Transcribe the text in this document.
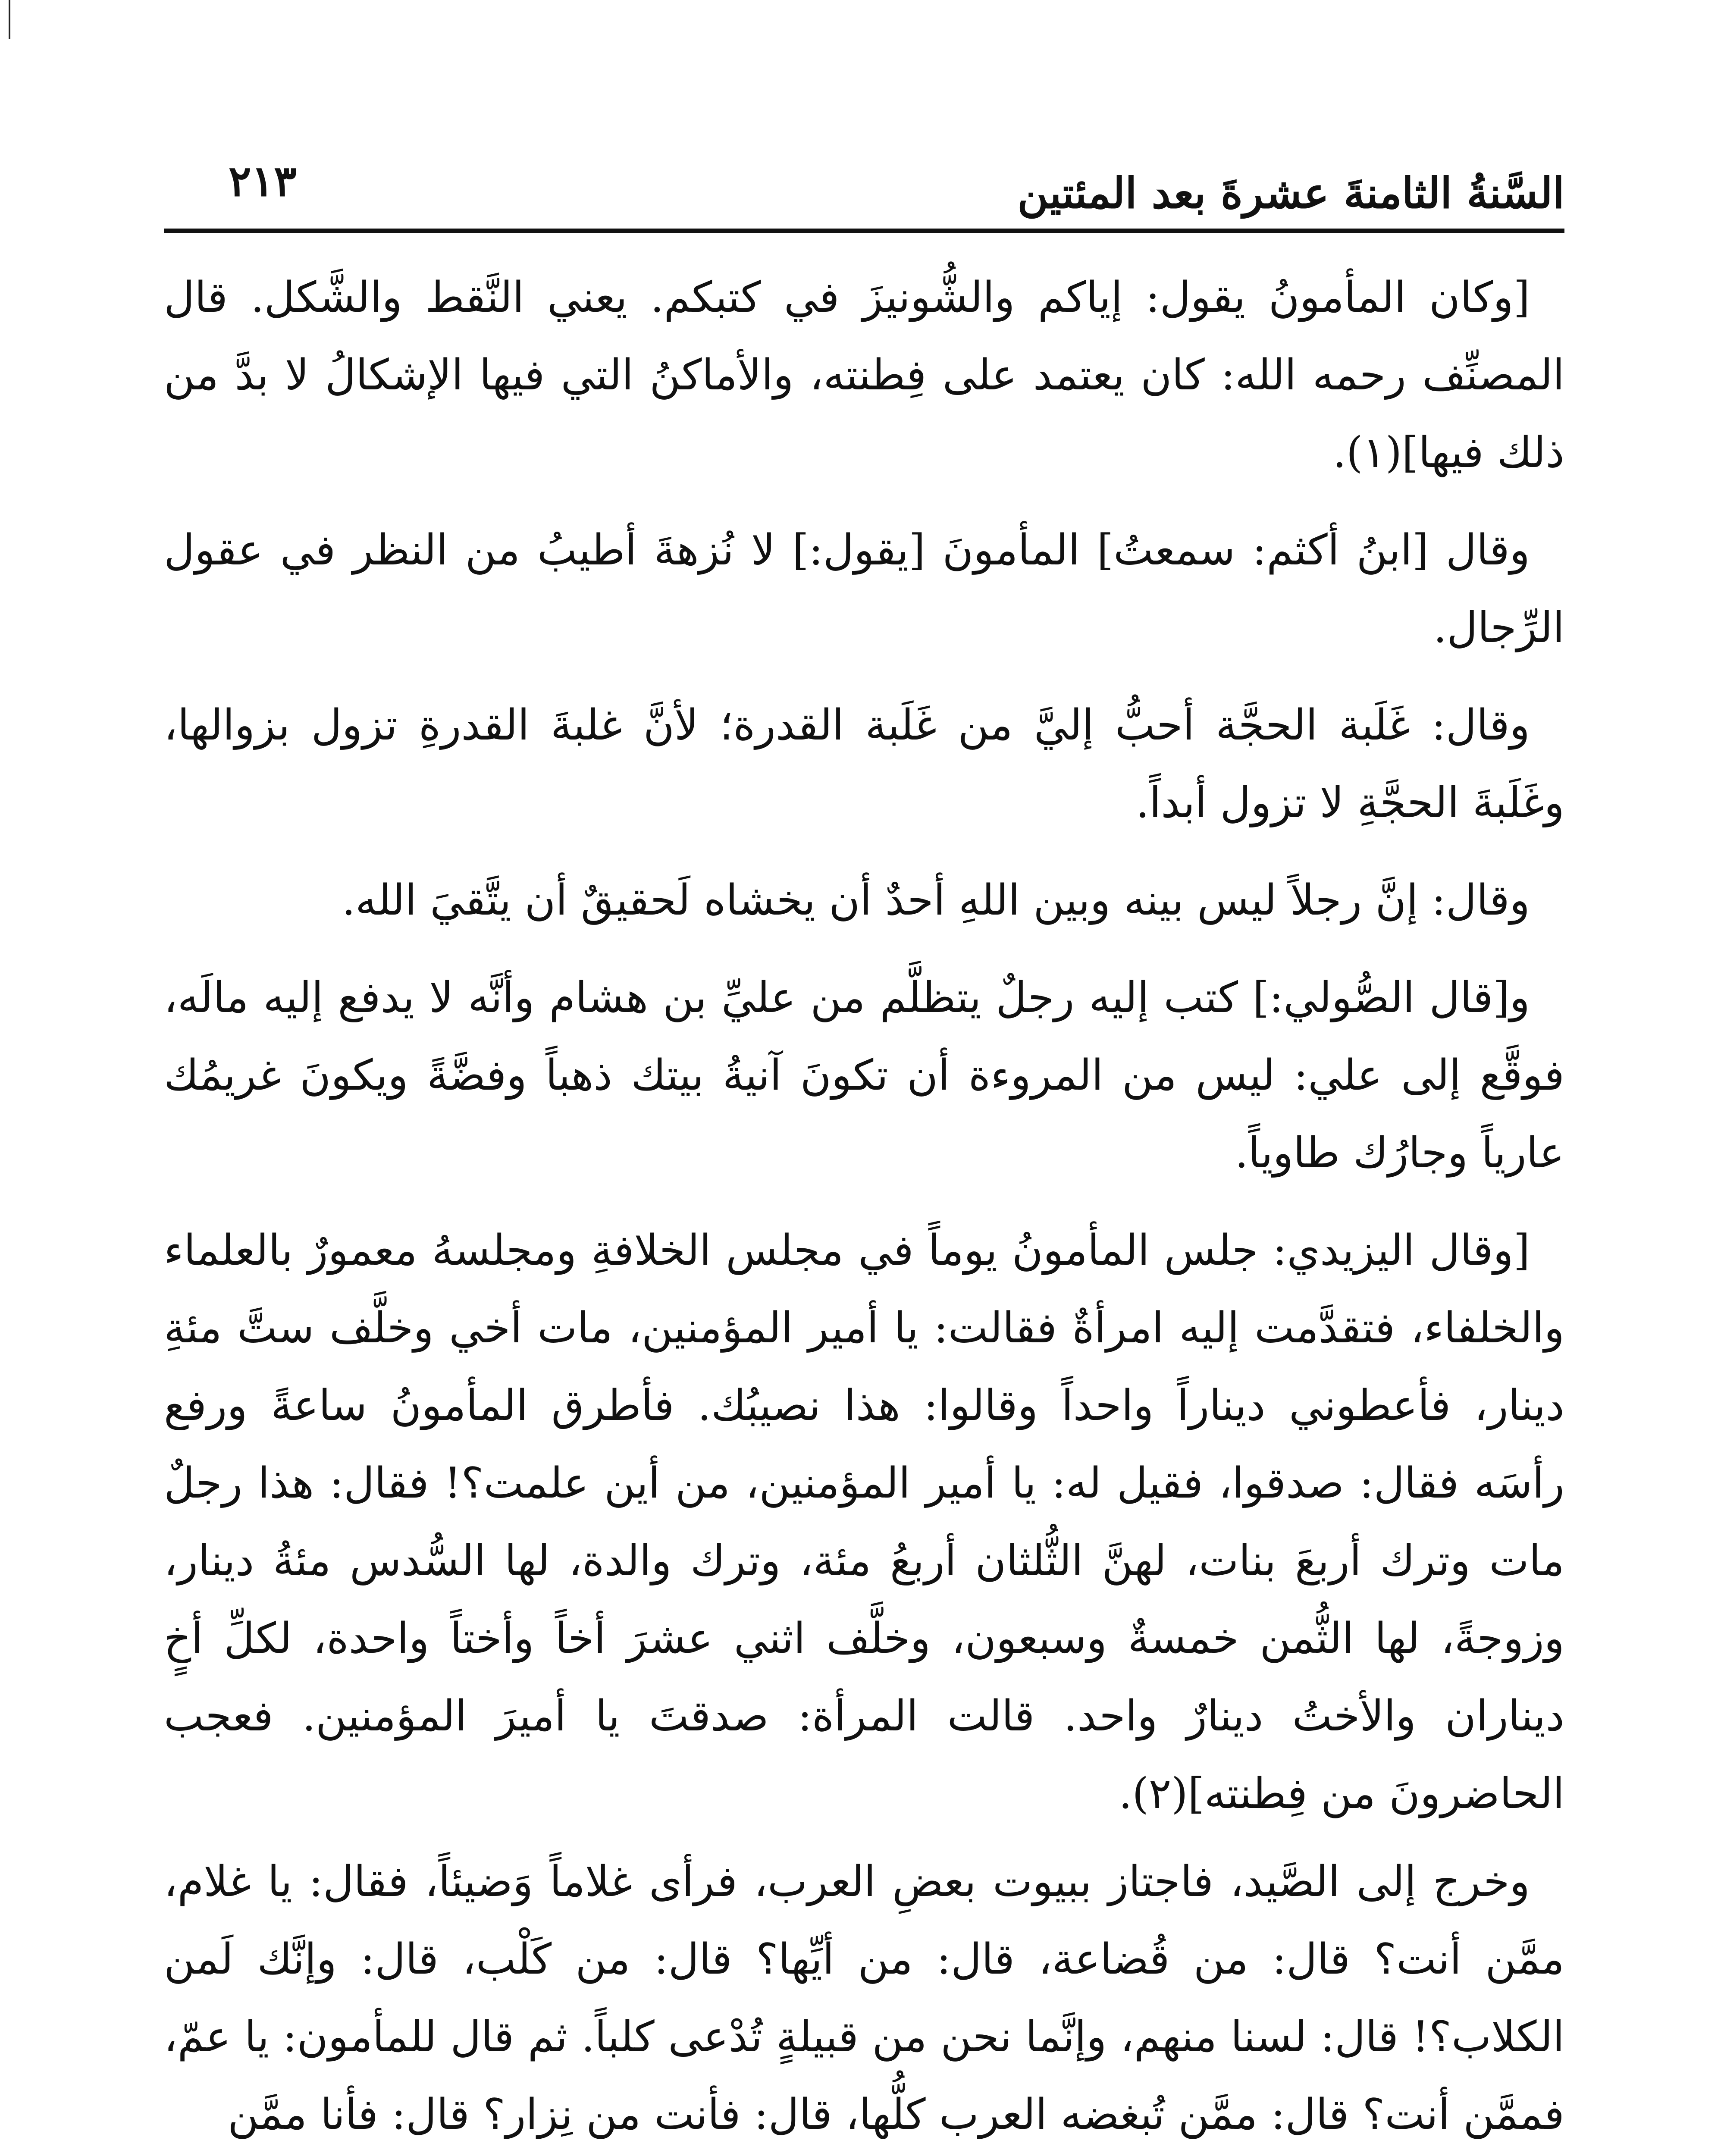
السَّنةُ الثامنةَ عشرةَ بعد المئتين
٢١٣

[وكان المأمونُ يقول: إياكم والشُّونيزَ في كتبكم. يعني النَّقط والشَّكل. قال المصنِّف رحمه الله: كان يعتمد على فِطنته، والأماكنُ التي فيها الإشكالُ لا بدَّ من ذلك فيها](١).

وقال [ابنُ أكثم: سمعتُ] المأمونَ [يقول:] لا نُزهةَ أطيبُ من النظر في عقول الرِّجال.

وقال: غَلَبة الحجَّة أحبُّ إليَّ من غَلَبة القدرة؛ لأنَّ غلبةَ القدرةِ تزول بزوالها، وغَلَبةَ الحجَّةِ لا تزول أبداً.

وقال: إنَّ رجلاً ليس بينه وبين اللهِ أحدٌ أن يخشاه لَحقيقٌ أن يتَّقيَ الله.

و[قال الصُّولي:] كتب إليه رجلٌ يتظلَّم من عليِّ بن هشام وأنَّه لا يدفع إليه مالَه، فوقَّع إلى علي: ليس من المروءة أن تكونَ آنيةُ بيتك ذهباً وفضَّةً ويكونَ غريمُك عارياً وجارُك طاوياً.

[وقال اليزيدي: جلس المأمونُ يوماً في مجلس الخلافةِ ومجلسهُ معمورٌ بالعلماء والخلفاء، فتقدَّمت إليه امرأةٌ فقالت: يا أمير المؤمنين، مات أخي وخلَّف ستَّ مئةِ دينار، فأعطوني ديناراً واحداً وقالوا: هذا نصيبُك. فأطرق المأمونُ ساعةً ورفع رأسَه فقال: صدقوا، فقيل له: يا أمير المؤمنين، من أين علمت؟! فقال: هذا رجلٌ مات وترك أربعَ بنات، لهنَّ الثُّلثان أربعُ مئة، وترك والدة، لها السُّدس مئةُ دينار، وزوجةً، لها الثُّمن خمسةٌ وسبعون، وخلَّف اثني عشرَ أخاً وأختاً واحدة، لكلِّ أخٍ ديناران والأختُ دينارٌ واحد. قالت المرأة: صدقتَ يا أميرَ المؤمنين. فعجب الحاضرونَ من فِطنته](٢).

وخرج إلى الصَّيد، فاجتاز ببيوت بعضِ العرب، فرأى غلاماً وَضيئاً، فقال: يا غلام، ممَّن أنت؟ قال: من قُضاعة، قال: من أيِّها؟ قال: من كَلْب، قال: وإنَّك لَمن الكلاب؟! قال: لسنا منهم، وإنَّما نحن من قبيلةٍ تُدْعى كلباً. ثم قال للمأمون: يا عمّ، فممَّن أنت؟ قال: ممَّن تُبغضه العرب كلُّها، قال: فأنت من نِزار؟ قال: فأنا ممَّن
